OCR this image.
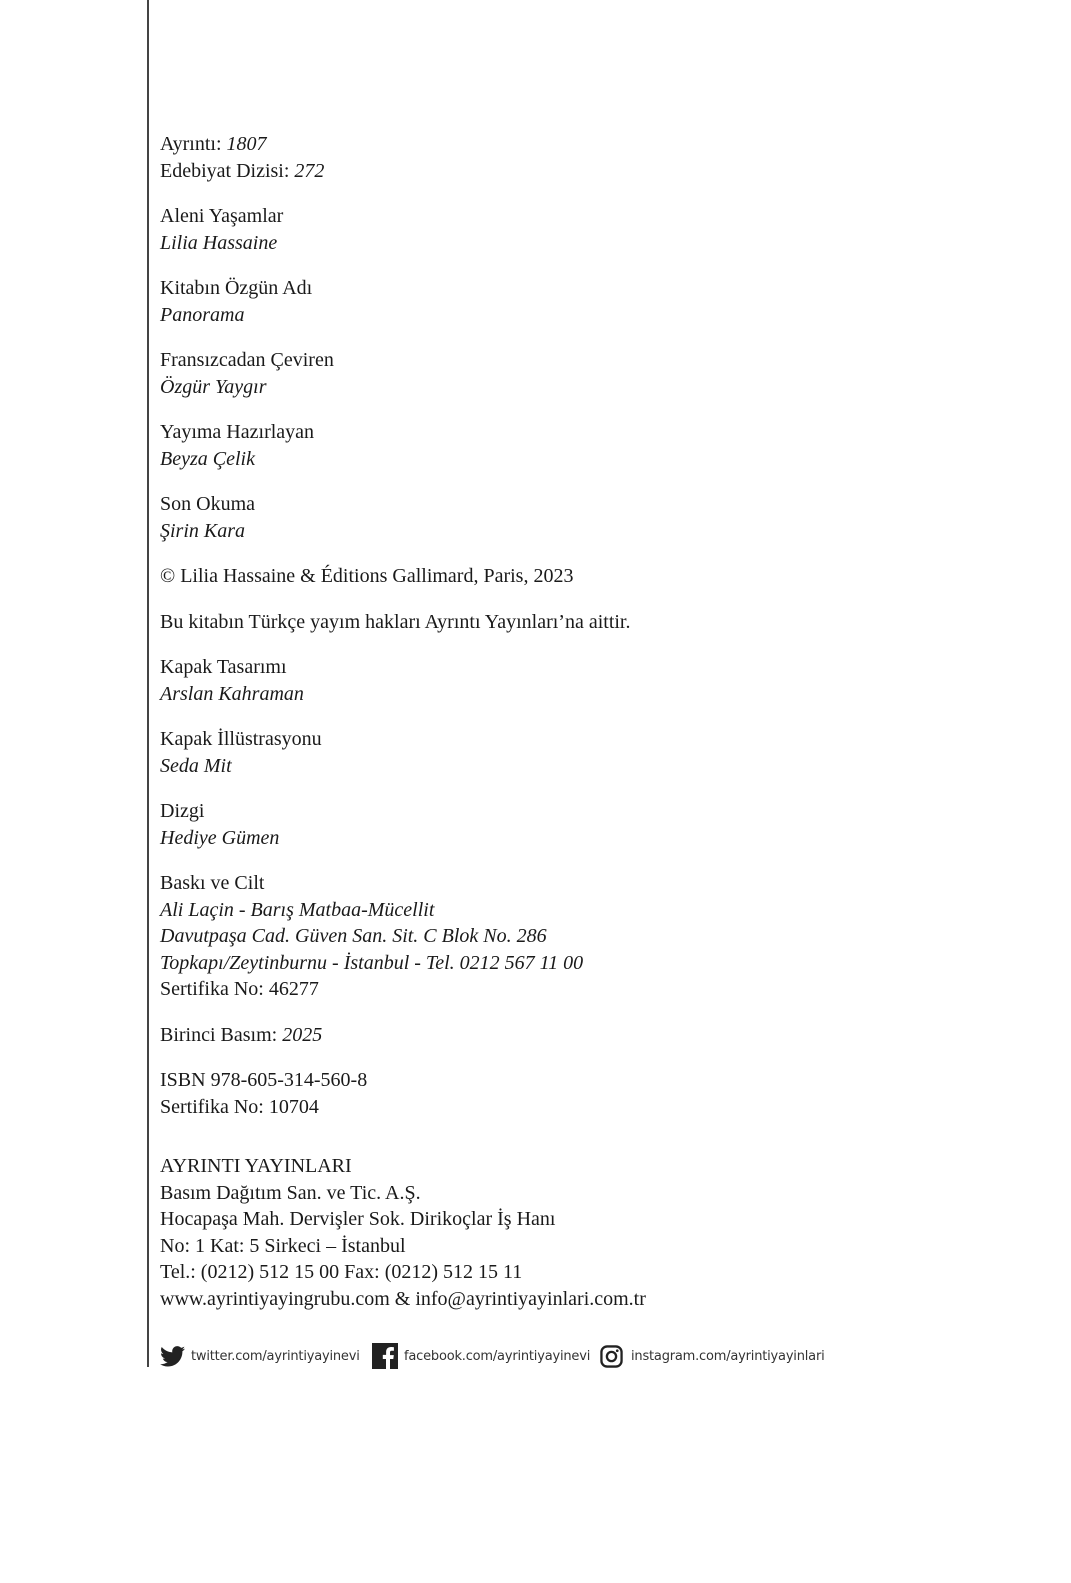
Ayrıntı: 1807
Edebiyat Dizisi: 272
Aleni Yaşamlar
Lilia Hassaine
Kitabın Özgün Adı
Panorama
Fransızcadan Çeviren
Özgür Yaygır
Yayıma Hazırlayan
Beyza Çelik
Son Okuma
Şirin Kara
© Lilia Hassaine & Éditions Gallimard, Paris, 2023
Bu kitabın Türkçe yayım hakları Ayrıntı Yayınları’na aittir.
Kapak Tasarımı
Arslan Kahraman
Kapak İllüstrasyonu
Seda Mit
Dizgi
Hediye Gümen
Baskı ve Cilt
Ali Laçin - Barış Matbaa-Mücellit
Davutpaşa Cad. Güven San. Sit. C Blok No. 286
Topkapı/Zeytinburnu - İstanbul - Tel. 0212 567 11 00
Sertifika No: 46277
Birinci Basım: 2025
ISBN 978-605-314-560-8
Sertifika No: 10704
AYRINTI YAYINLARI
Basım Dağıtım San. ve Tic. A.Ş.
Hocapaşa Mah. Dervişler Sok. Dirikoçlar İş Hanı
No: 1 Kat: 5 Sirkeci – İstanbul
Tel.: (0212) 512 15 00 Fax: (0212) 512 15 11
www.ayrintiyayingrubu.com & info@ayrintiyayinlari.com.tr
twitter.com/ayrintiyayinevi	facebook.com/ayrintiyayinevi	instagram.com/ayrintiyayinlari
